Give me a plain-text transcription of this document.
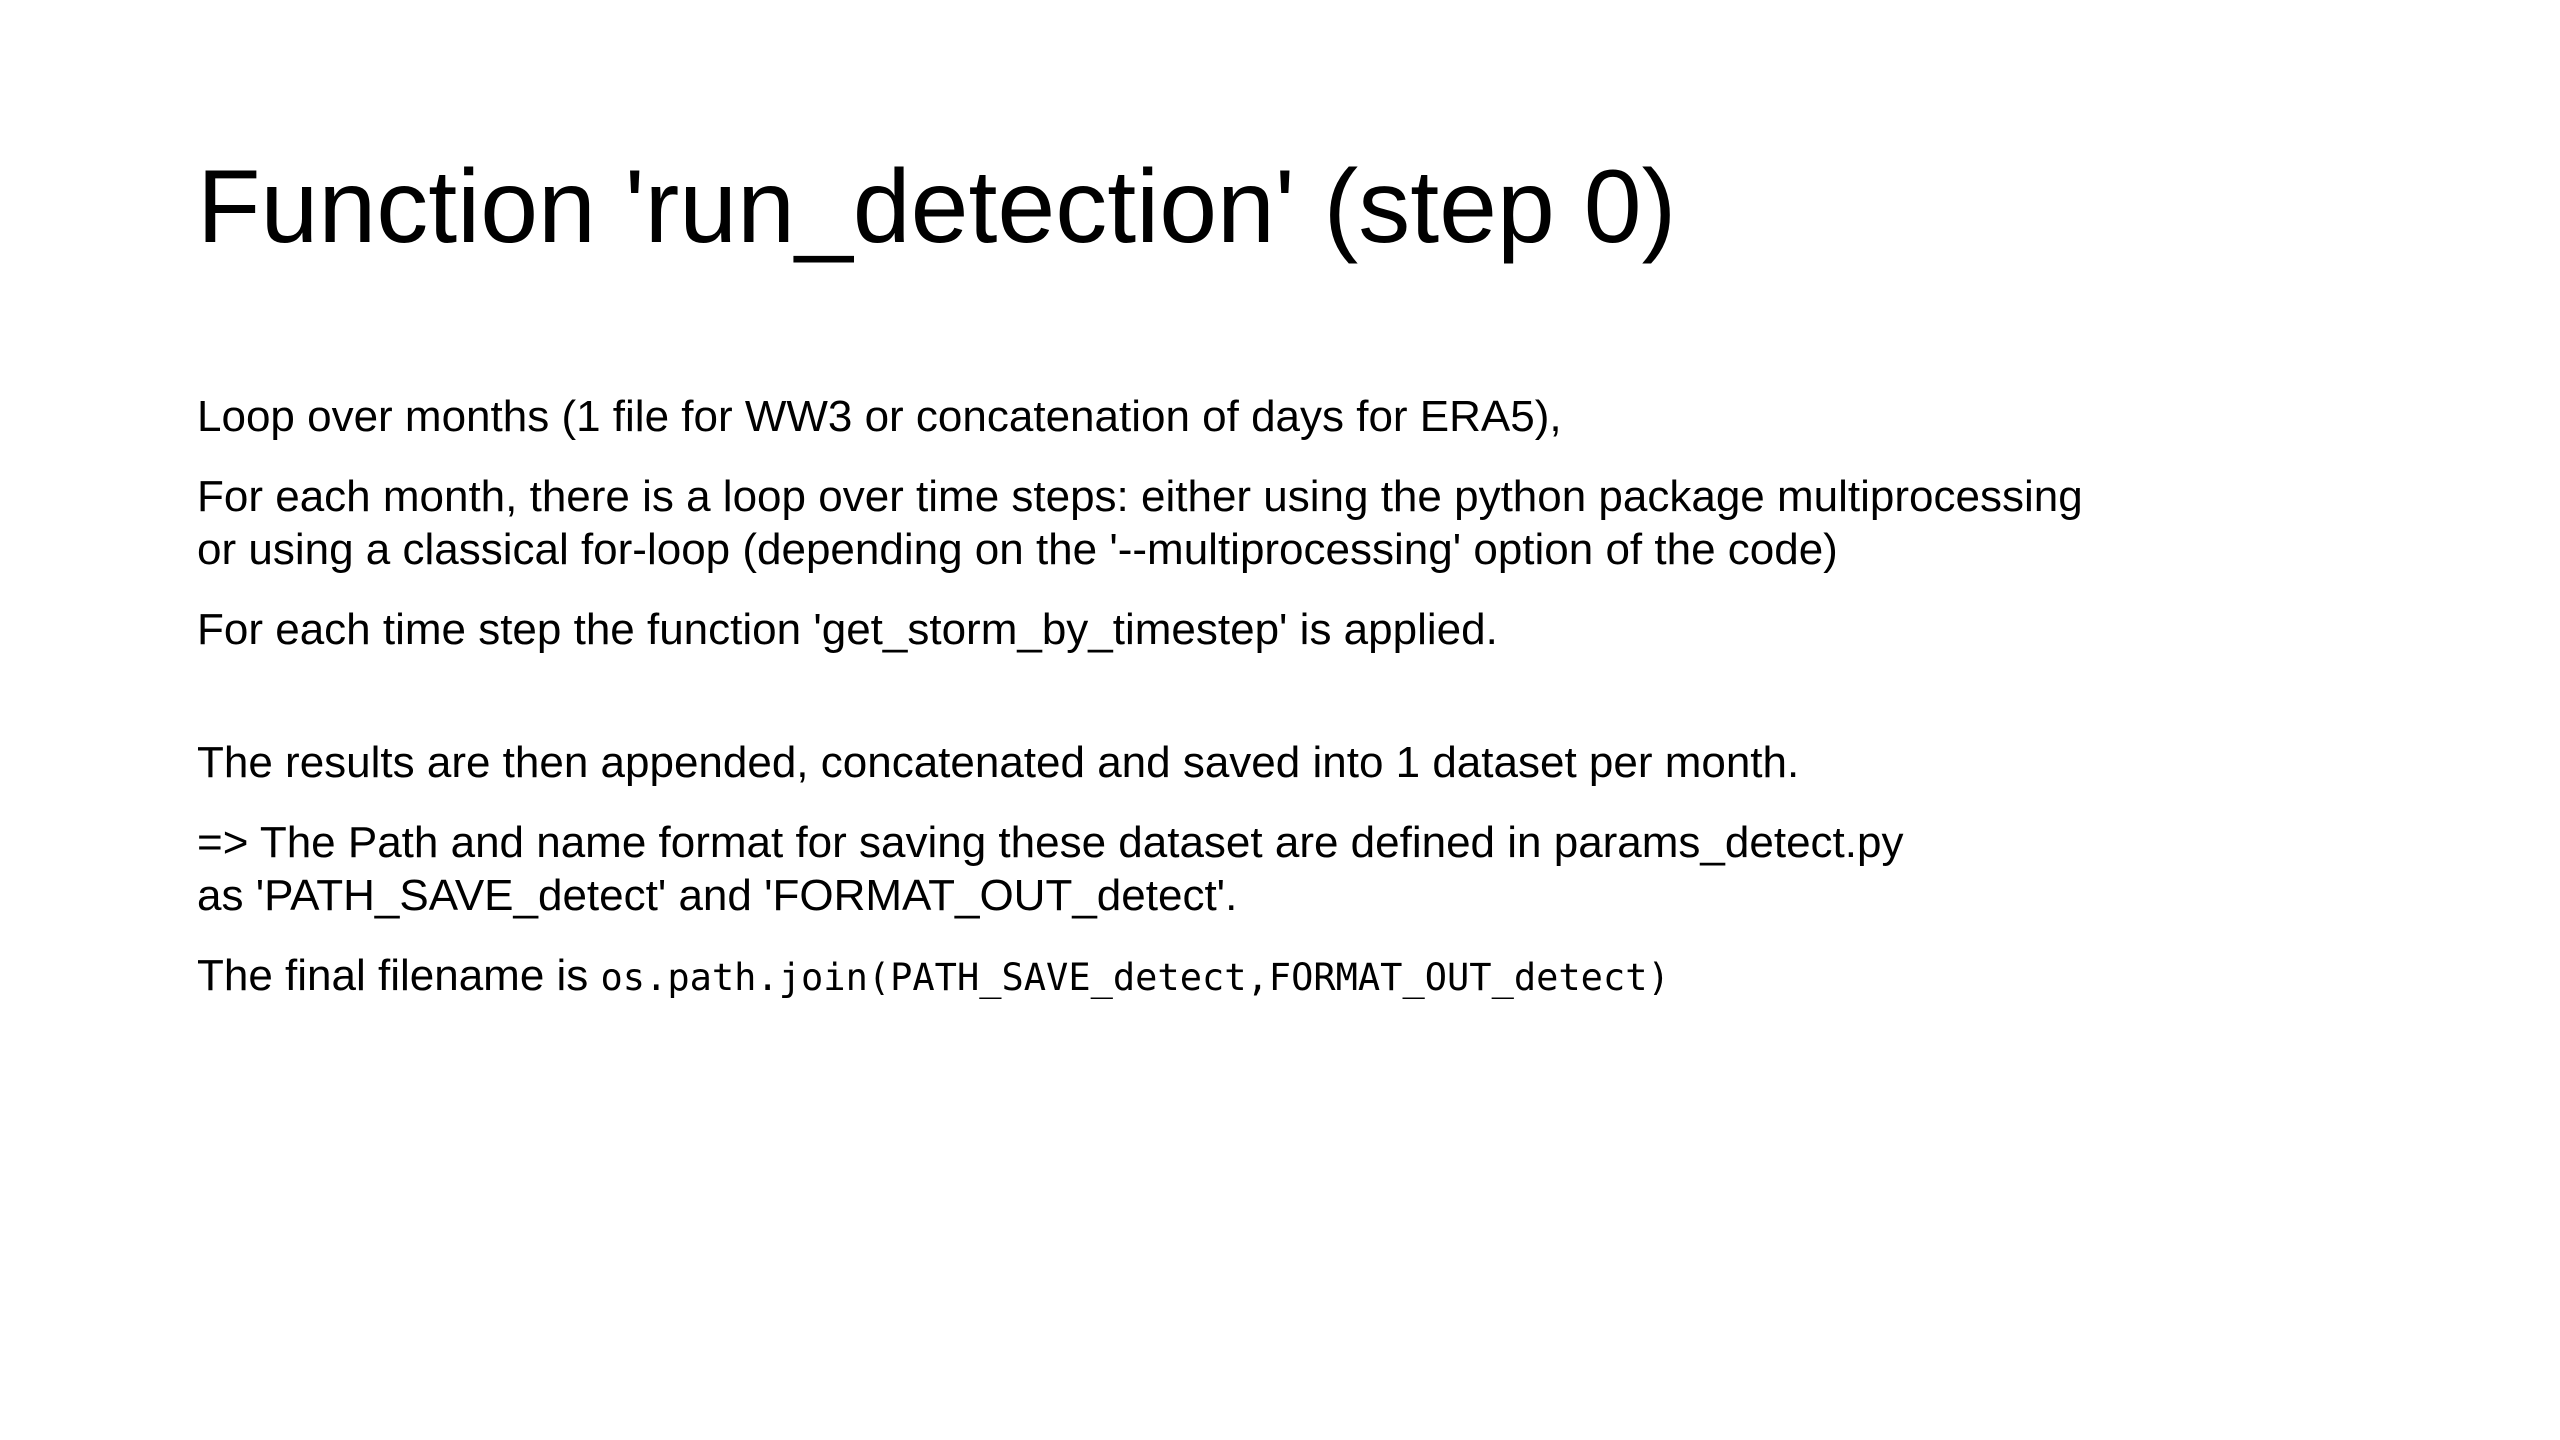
Function 'run_detection' (step 0)

Loop over months (1 file for WW3 or concatenation of days for ERA5),

For each month, there is a loop over time steps: either using the python package multiprocessing
or using a classical for-loop (depending on the '--multiprocessing' option of the code)

For each time step the function 'get_storm_by_timestep' is applied.

The results are then appended, concatenated and saved into 1 dataset per month.

=> The Path and name format for saving these dataset are defined in params_detect.py
as 'PATH_SAVE_detect' and 'FORMAT_OUT_detect'.

The final filename is os.path.join(PATH_SAVE_detect,FORMAT_OUT_detect)
